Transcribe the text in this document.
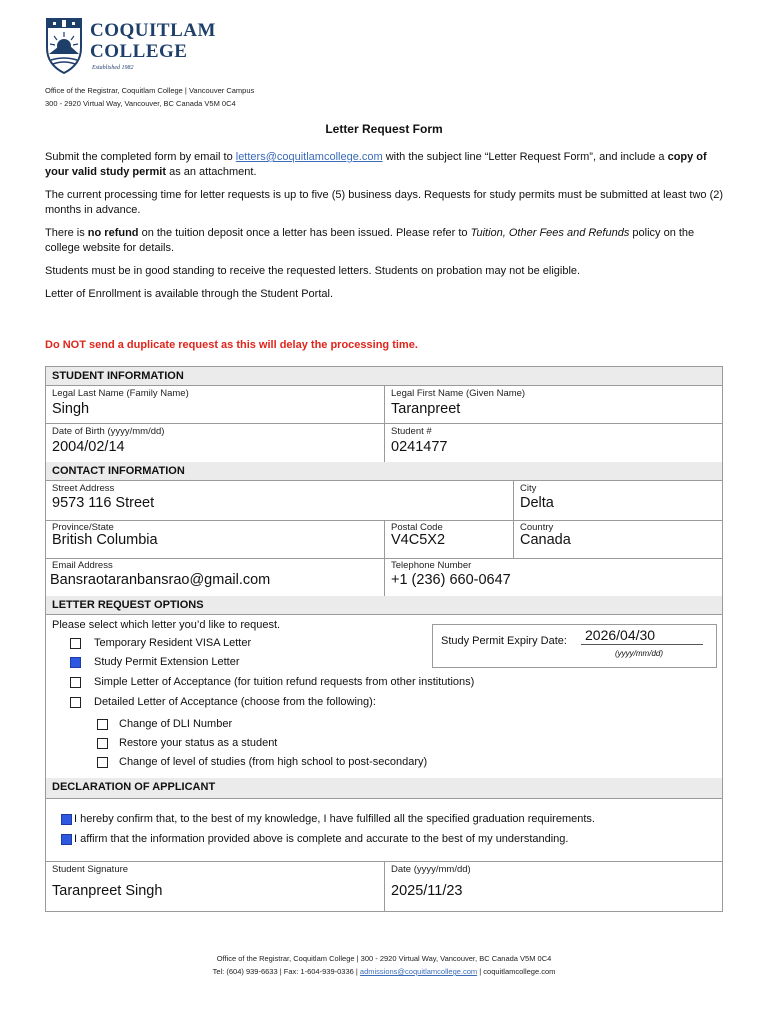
COQUITLAM
COLLEGE
Established 1982
Office of the Registrar, Coquitlam College | Vancouver Campus
300 - 2920 Virtual Way, Vancouver, BC Canada V5M 0C4
Letter Request Form

Submit the completed form by email to letters@coquitlamcollege.com with the subject line “Letter Request Form”, and include a copy of your valid study permit as an attachment.

The current processing time for letter requests is up to five (5) business days. Requests for study permits must be submitted at least two (2) months in advance.

There is no refund on the tuition deposit once a letter has been issued. Please refer to Tuition, Other Fees and Refunds policy on the college website for details.

Students must be in good standing to receive the requested letters. Students on probation may not be eligible.

Letter of Enrollment is available through the Student Portal.

Do NOT send a duplicate request as this will delay the processing time.
STUDENT INFORMATION
Legal Last Name (Family Name)
Singh
Legal First Name (Given Name)
Taranpreet
Date of Birth (yyyy/mm/dd)
2004/02/14
Student #
0241477
CONTACT INFORMATION
Street Address
9573 116 Street
City
Delta
Province/State
British Columbia
Postal Code
V4C5X2
Country
Canada
Email Address
Bansraotaranbansrao@gmail.com
Telephone Number
+1 (236) 660-0647
LETTER REQUEST OPTIONS
Please select which letter you’d like to request.
Temporary Resident VISA Letter
Study Permit Extension Letter
Simple Letter of Acceptance (for tuition refund requests from other institutions)
Detailed Letter of Acceptance (choose from the following):
Change of DLI Number
Restore your status as a student
Change of level of studies (from high school to post-secondary)
Study Permit Expiry Date: 2026/04/30
(yyyy/mm/dd)
DECLARATION OF APPLICANT
I hereby confirm that, to the best of my knowledge, I have fulfilled all the specified graduation requirements.
I affirm that the information provided above is complete and accurate to the best of my understanding.
Student Signature
Taranpreet Singh
Date (yyyy/mm/dd)
2025/11/23
Office of the Registrar, Coquitlam College | 300 - 2920 Virtual Way, Vancouver, BC Canada V5M 0C4
Tel: (604) 939-6633 | Fax: 1-604-939-0336 | admissions@coquitlamcollege.com | coquitlamcollege.com
